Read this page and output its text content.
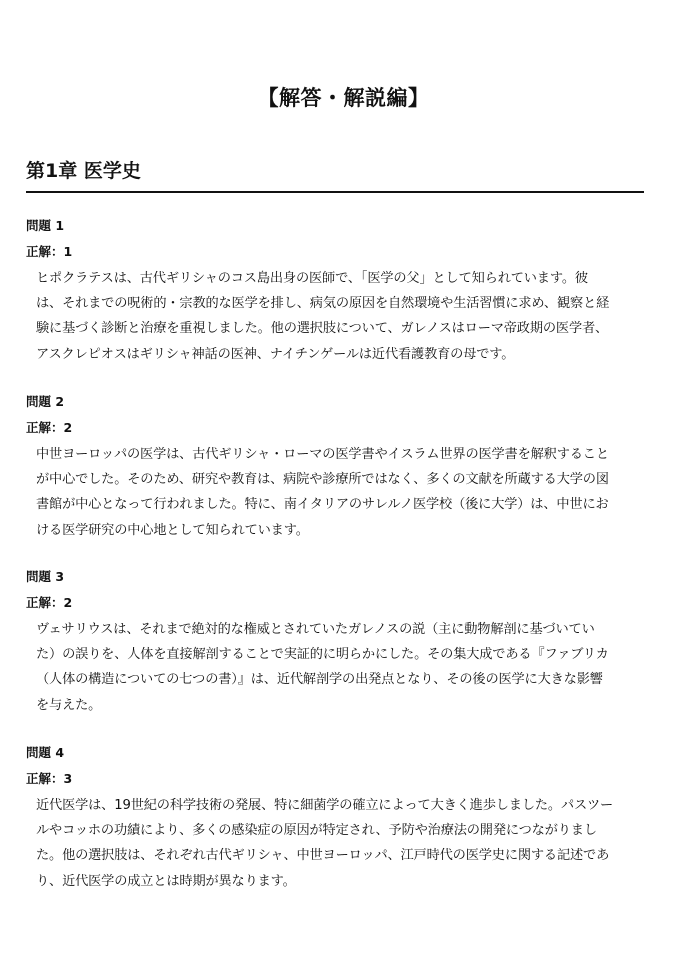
【解答・解説編】
第1章 医学史
問題 1
正解：1
ヒポクラテスは、古代ギリシャのコス島出身の医師で、「医学の父」として知られています。彼
は、それまでの呪術的・宗教的な医学を排し、病気の原因を自然環境や生活習慣に求め、観察と経
験に基づく診断と治療を重視しました。他の選択肢について、ガレノスはローマ帝政期の医学者、
アスクレピオスはギリシャ神話の医神、ナイチンゲールは近代看護教育の母です。
問題 2
正解：2
中世ヨーロッパの医学は、古代ギリシャ・ローマの医学書やイスラム世界の医学書を解釈すること
が中心でした。そのため、研究や教育は、病院や診療所ではなく、多くの文献を所蔵する大学の図
書館が中心となって行われました。特に、南イタリアのサレルノ医学校（後に大学）は、中世にお
ける医学研究の中心地として知られています。
問題 3
正解：2
ヴェサリウスは、それまで絶対的な権威とされていたガレノスの説（主に動物解剖に基づいてい
た）の誤りを、人体を直接解剖することで実証的に明らかにした。その集大成である『ファブリカ
（人体の構造についての七つの書）』は、近代解剖学の出発点となり、その後の医学に大きな影響
を与えた。
問題 4
正解：3
近代医学は、19世紀の科学技術の発展、特に細菌学の確立によって大きく進歩しました。パスツー
ルやコッホの功績により、多くの感染症の原因が特定され、予防や治療法の開発につながりまし
た。他の選択肢は、それぞれ古代ギリシャ、中世ヨーロッパ、江戸時代の医学史に関する記述であ
り、近代医学の成立とは時期が異なります。
